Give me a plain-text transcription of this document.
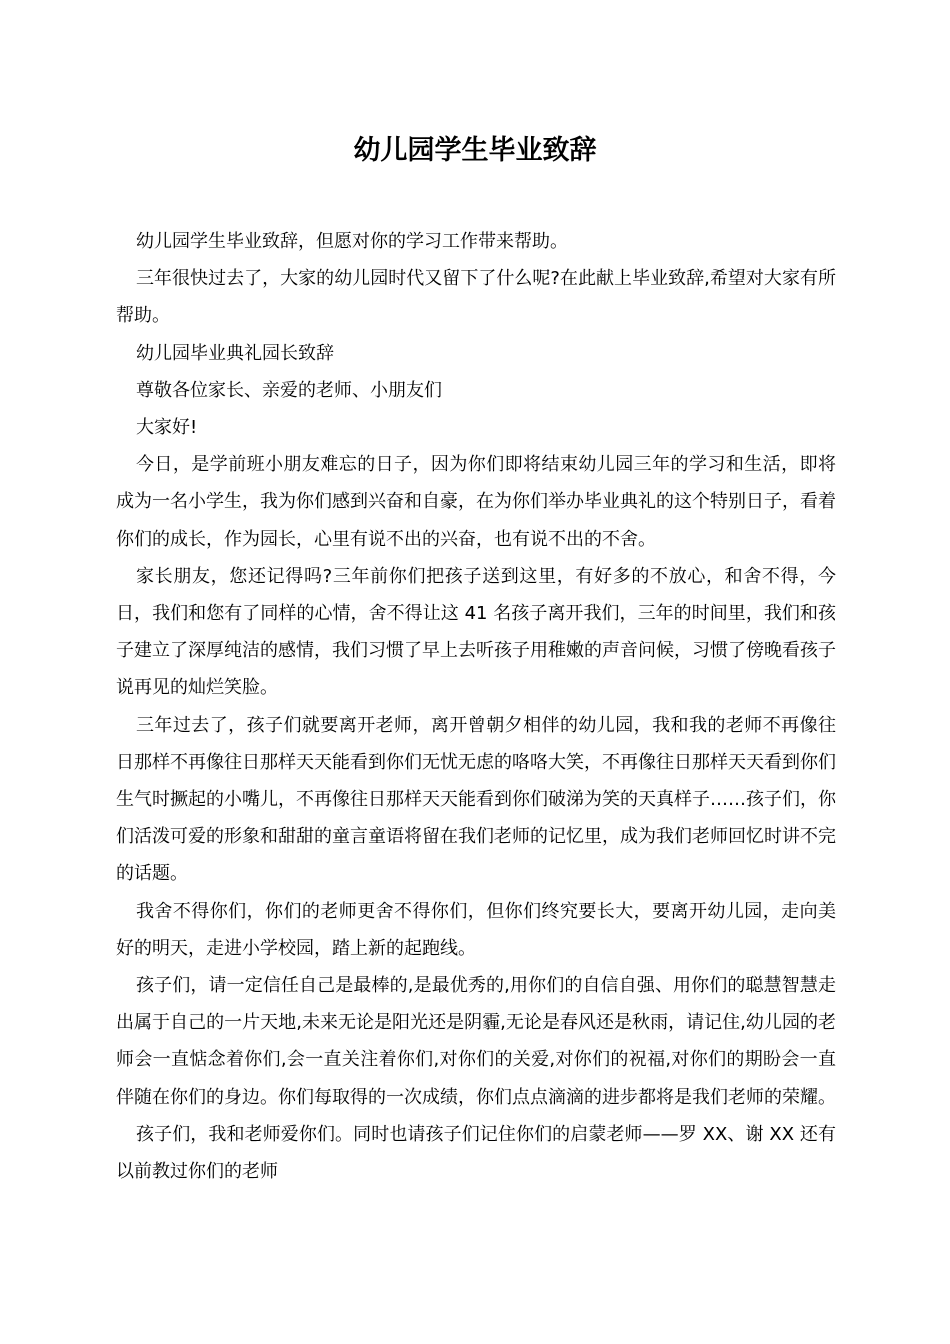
幼儿园学生毕业致辞

幼儿园学生毕业致辞，但愿对你的学习工作带来帮助。

三年很快过去了，大家的幼儿园时代又留下了什么呢?在此献上毕业致辞,希望对大家有所帮助。

幼儿园毕业典礼园长致辞

尊敬各位家长、亲爱的老师、小朋友们

大家好!

今日，是学前班小朋友难忘的日子，因为你们即将结束幼儿园三年的学习和生活，即将成为一名小学生，我为你们感到兴奋和自豪，在为你们举办毕业典礼的这个特别日子，看着你们的成长，作为园长，心里有说不出的兴奋，也有说不出的不舍。

家长朋友，您还记得吗?三年前你们把孩子送到这里，有好多的不放心，和舍不得，今日，我们和您有了同样的心情，舍不得让这 41 名孩子离开我们，三年的时间里，我们和孩子建立了深厚纯洁的感情，我们习惯了早上去听孩子用稚嫩的声音问候，习惯了傍晚看孩子说再见的灿烂笑脸。

三年过去了，孩子们就要离开老师，离开曾朝夕相伴的幼儿园，我和我的老师不再像往日那样不再像往日那样天天能看到你们无忧无虑的咯咯大笑，不再像往日那样天天看到你们生气时撅起的小嘴儿，不再像往日那样天天能看到你们破涕为笑的天真样子……孩子们，你们活泼可爱的形象和甜甜的童言童语将留在我们老师的记忆里，成为我们老师回忆时讲不完的话题。

我舍不得你们，你们的老师更舍不得你们，但你们终究要长大，要离开幼儿园，走向美好的明天，走进小学校园，踏上新的起跑线。

孩子们，请一定信任自己是最棒的,是最优秀的,用你们的自信自强、用你们的聪慧智慧走出属于自己的一片天地,未来无论是阳光还是阴霾,无论是春风还是秋雨，请记住,幼儿园的老师会一直惦念着你们,会一直关注着你们,对你们的关爱,对你们的祝福,对你们的期盼会一直伴随在你们的身边。你们每取得的一次成绩，你们点点滴滴的进步都将是我们老师的荣耀。

孩子们，我和老师爱你们。同时也请孩子们记住你们的启蒙老师——罗 XX、谢 XX 还有以前教过你们的老师
